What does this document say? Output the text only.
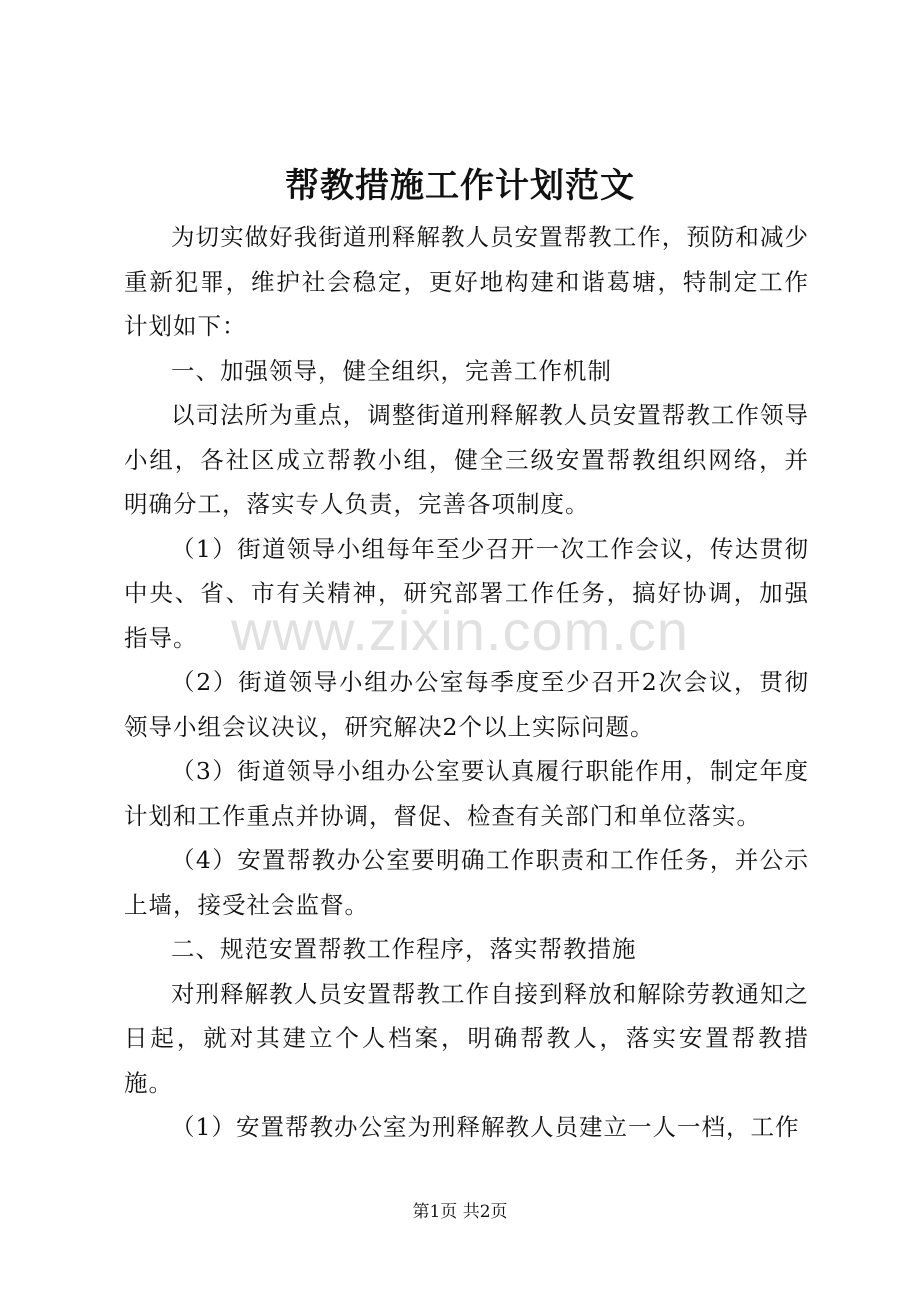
帮教措施工作计划范文

为切实做好我街道刑释解教人员安置帮教工作，预防和减少重新犯罪，维护社会稳定，更好地构建和谐葛塘，特制定工作计划如下：

一、加强领导，健全组织，完善工作机制

以司法所为重点，调整街道刑释解教人员安置帮教工作领导小组，各社区成立帮教小组，健全三级安置帮教组织网络，并明确分工，落实专人负责，完善各项制度。

（1）街道领导小组每年至少召开一次工作会议，传达贯彻中央、省、市有关精神，研究部署工作任务，搞好协调，加强指导。

（2）街道领导小组办公室每季度至少召开2次会议，贯彻领导小组会议决议，研究解决2个以上实际问题。

（3）街道领导小组办公室要认真履行职能作用，制定年度计划和工作重点并协调，督促、检查有关部门和单位落实。

（4）安置帮教办公室要明确工作职责和工作任务，并公示上墙，接受社会监督。

二、规范安置帮教工作程序，落实帮教措施

对刑释解教人员安置帮教工作自接到释放和解除劳教通知之日起，就对其建立个人档案，明确帮教人，落实安置帮教措施。

（1）安置帮教办公室为刑释解教人员建立一人一档，工作

www.zixin.com.cn
第1页 共2页
